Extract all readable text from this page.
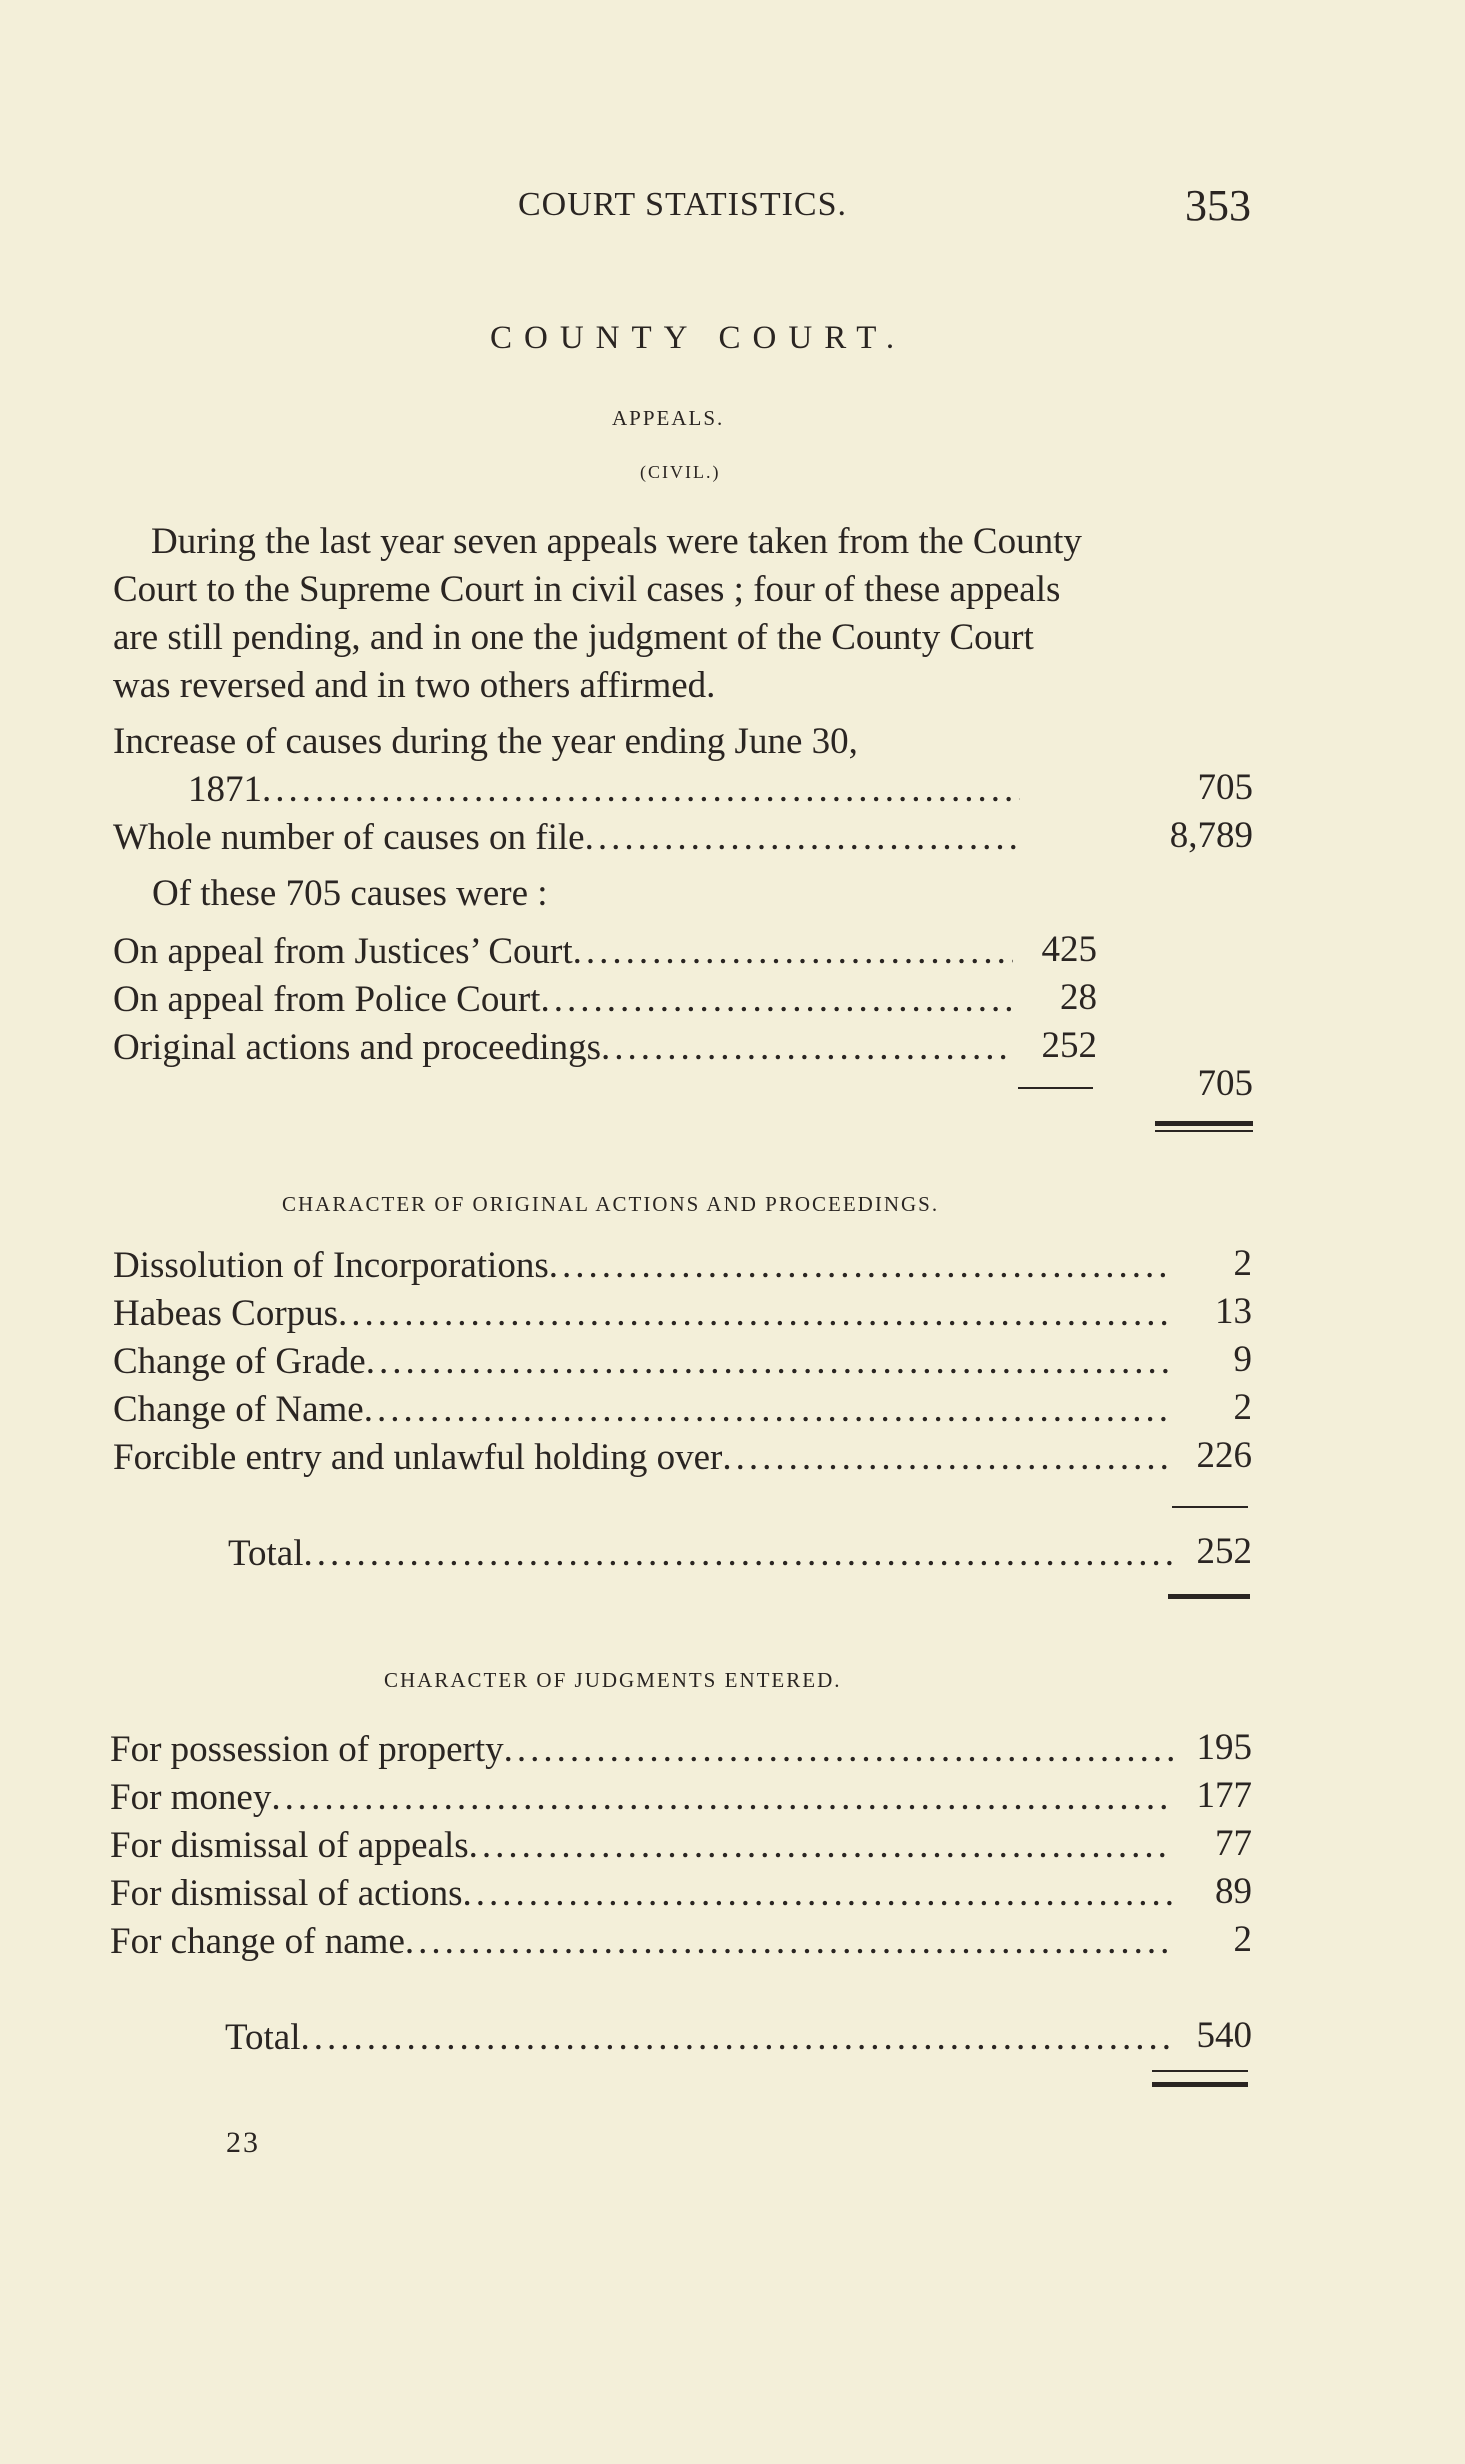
COURT STATISTICS.	353
COUNTY COURT.
APPEALS.
(CIVIL.)
During the last year seven appeals were taken from the County
Court to the Supreme Court in civil cases ; four of these appeals
are still pending, and in one the judgment of the County Court
was reversed and in two others affirmed.
Increase of causes during the year ending June 30,
1871 .....	705
Whole number of causes on file .....	8,789
Of these 705 causes were :
On appeal from Justices’ Court .....	425
On appeal from Police Court .....	28
Original actions and proceedings .....	252
705
CHARACTER OF ORIGINAL ACTIONS AND PROCEEDINGS.
Dissolution of Incorporations .....	2
Habeas Corpus .....	13
Change of Grade .....	9
Change of Name .....	2
Forcible entry and unlawful holding over .....	226
Total .....	252
CHARACTER OF JUDGMENTS ENTERED.
For possession of property .....	195
For money .....	177
For dismissal of appeals .....	77
For dismissal of actions .....	89
For change of name .....	2
Total .....	540
23
